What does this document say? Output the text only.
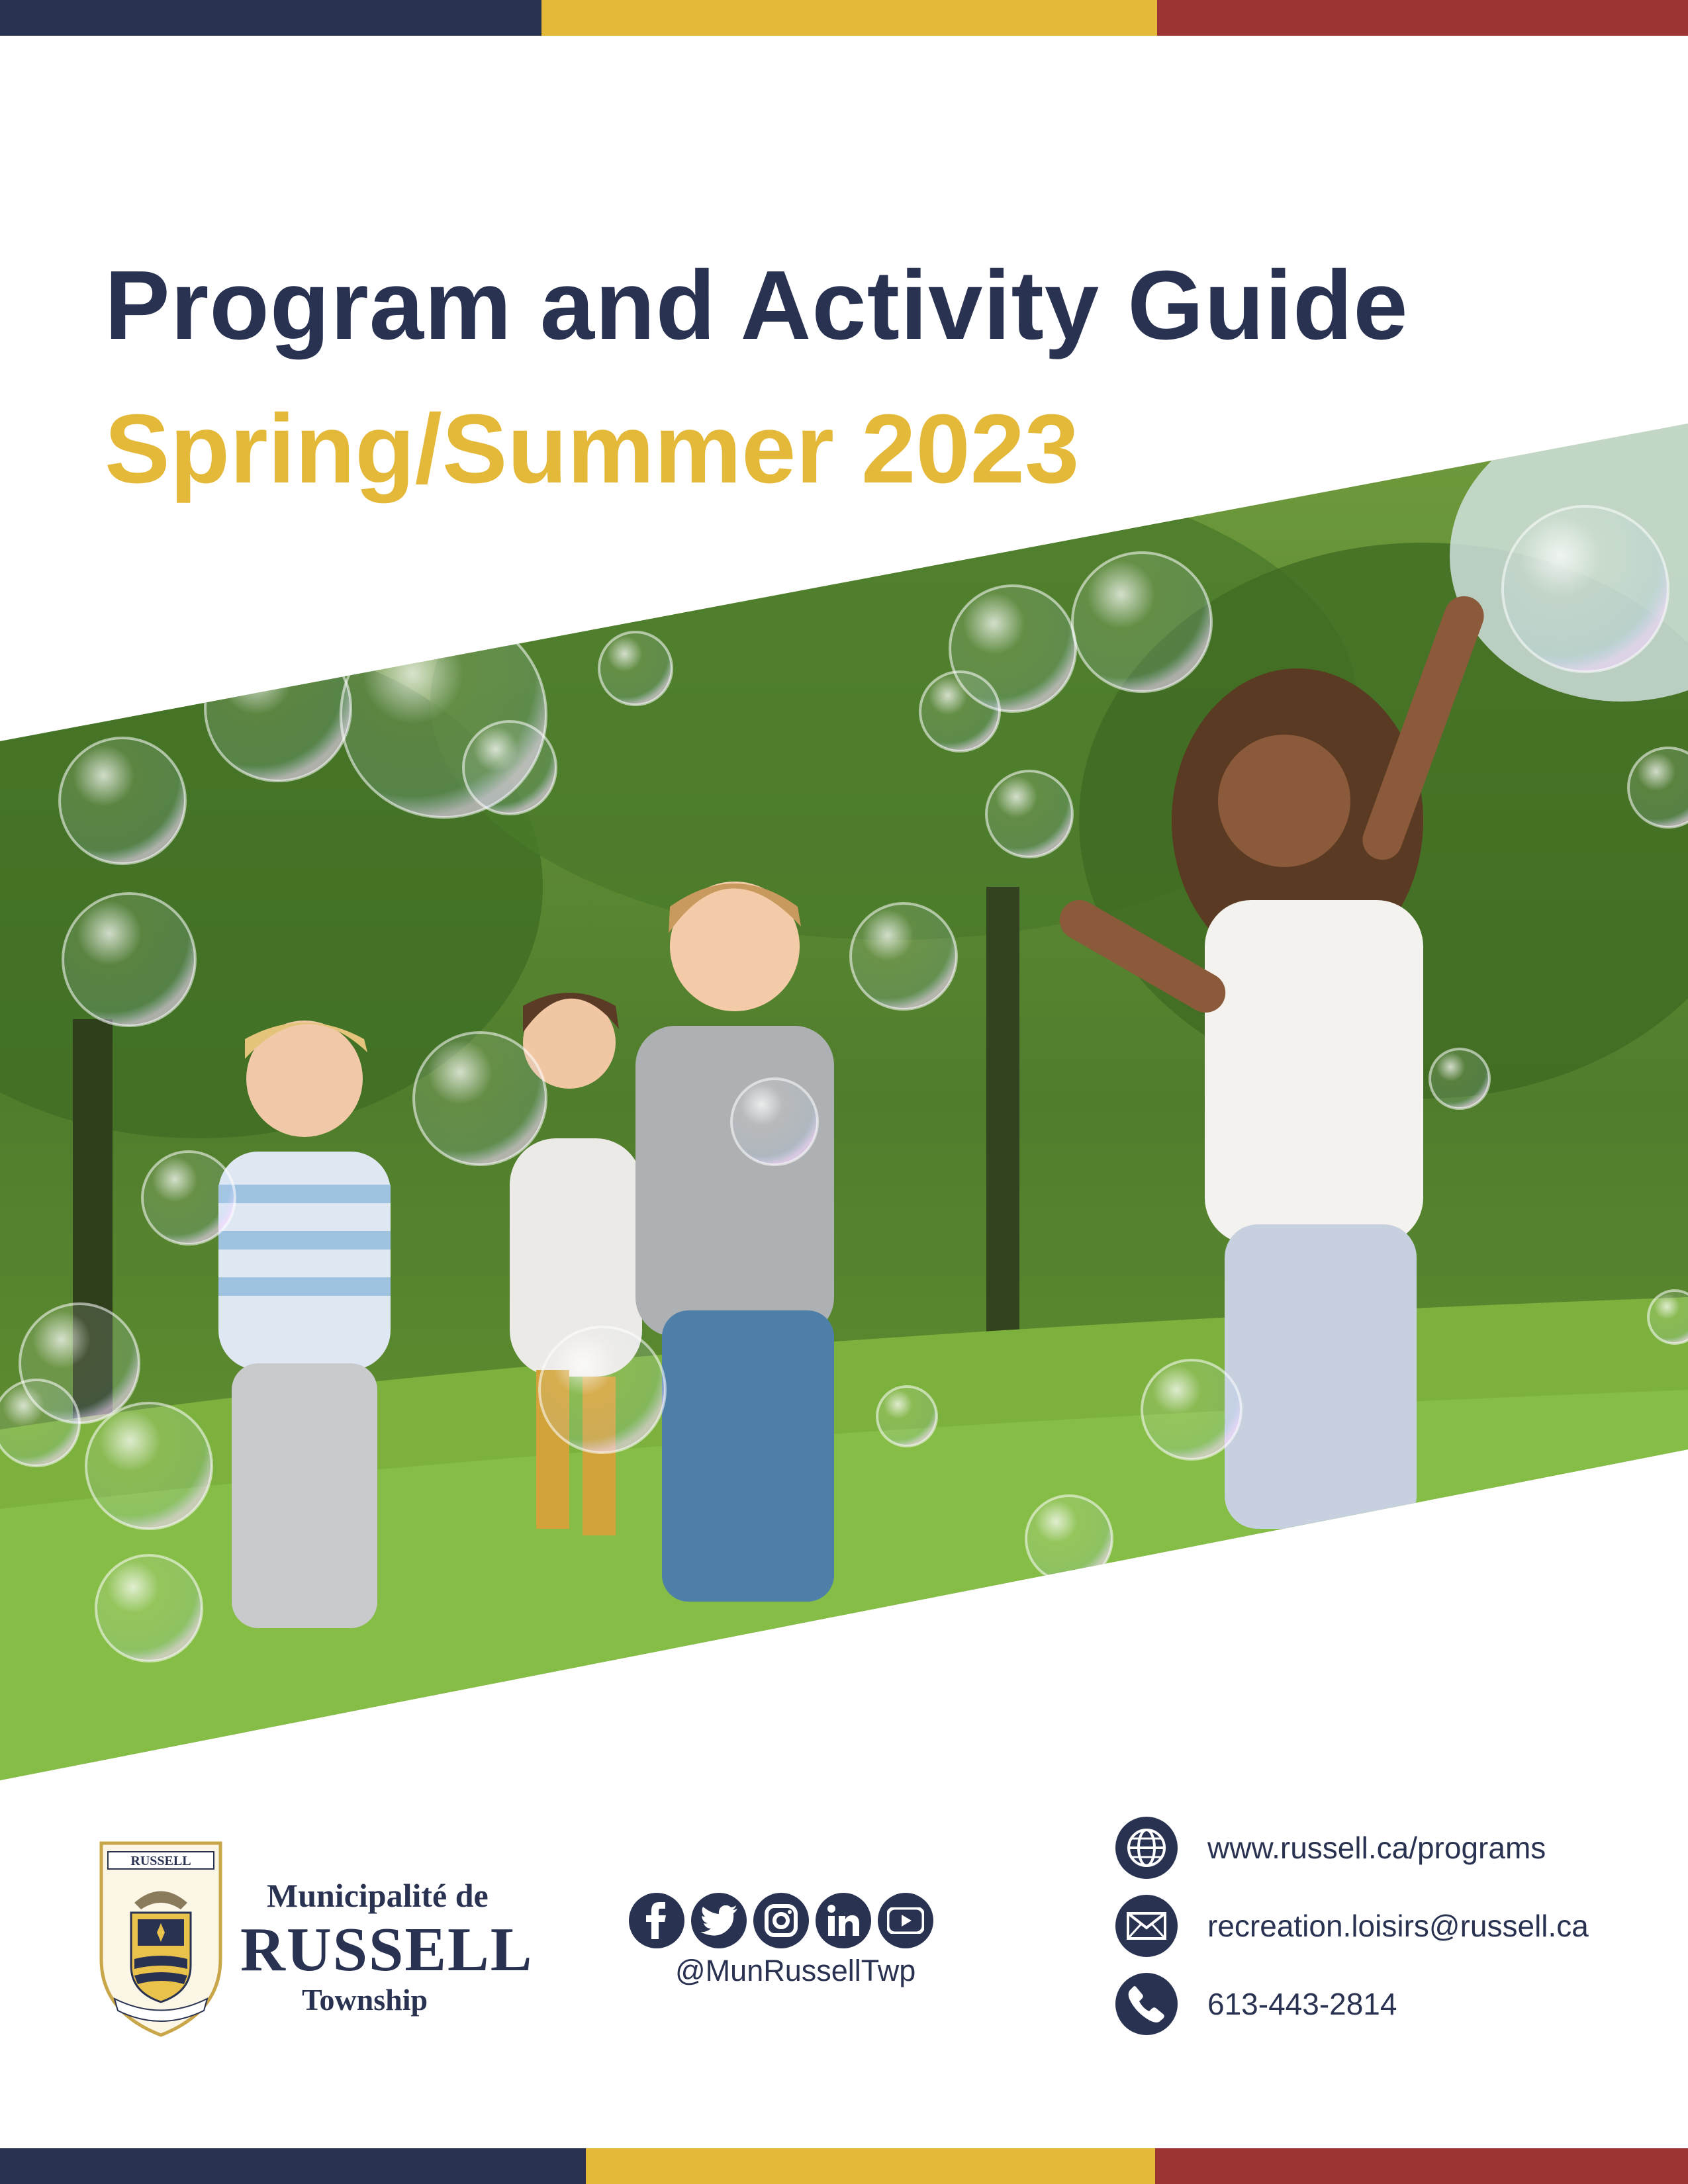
Program and Activity Guide
Spring/Summer 2023
RUSSELL

Municipalité de

RUSSELL

Township

@MunRussellTwp

www.russell.ca/programs
recreation.loisirs@russell.ca
613-443-2814
